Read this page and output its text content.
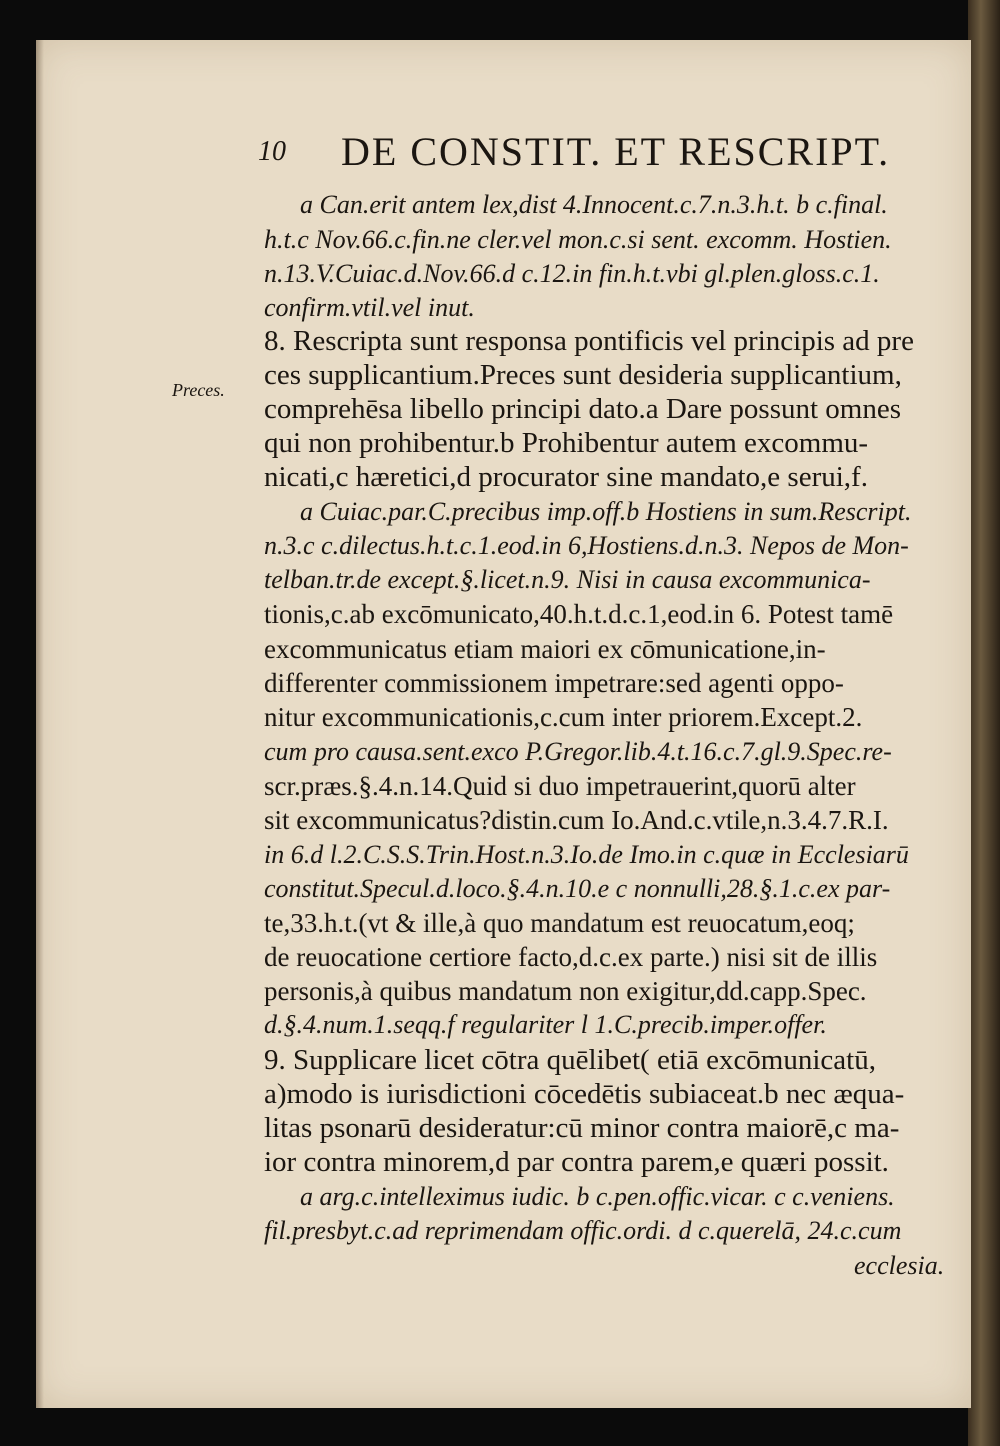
10 DE CONSTIT. ET RESCRIPT.
Preces.
a Can.erit antem lex,dist 4.Innocent.c.7.n.3.h.t. b c.final.
h.t.c Nov.66.c.fin.ne cler.vel mon.c.si sent. excomm. Hostien.
n.13.V.Cuiac.d.Nov.66.d c.12.in fin.h.t.vbi gl.plen.gloss.c.1.
confirm.vtil.vel inut.
8. Rescripta sunt responsa pontificis vel principis ad pre
ces supplicantium.Preces sunt desideria supplicantium,
comprehēsa libello principi dato.a Dare possunt omnes
qui non prohibentur.b Prohibentur autem excommu-
nicati,c hæretici,d procurator sine mandato,e serui,f.
a Cuiac.par.C.precibus imp.off.b Hostiens in sum.Rescript.
n.3.c c.dilectus.h.t.c.1.eod.in 6,Hostiens.d.n.3. Nepos de Mon-
telban.tr.de except.§.licet.n.9. Nisi in causa excommunica-
tionis,c.ab excōmunicato,40.h.t.d.c.1,eod.in 6. Potest tamē
excommunicatus etiam maiori ex cōmunicatione,in-
differenter commissionem impetrare:sed agenti oppo-
nitur excommunicationis,c.cum inter priorem.Except.2.
cum pro causa.sent.exco P.Gregor.lib.4.t.16.c.7.gl.9.Spec.re-
scr.præs.§.4.n.14.Quid si duo impetrauerint,quorū alter
sit excommunicatus?distin.cum Io.And.c.vtile,n.3.4.7.R.I.
in 6.d l.2.C.S.S.Trin.Host.n.3.Io.de Imo.in c.quæ in Ecclesiarū
constitut.Specul.d.loco.§.4.n.10.e c nonnulli,28.§.1.c.ex par-
te,33.h.t.(vt & ille,à quo mandatum est reuocatum,eoq;
de reuocatione certiore facto,d.c.ex parte.) nisi sit de illis
personis,à quibus mandatum non exigitur,dd.capp.Spec.
d.§.4.num.1.seqq.f regulariter l 1.C.precib.imper.offer.
9. Supplicare licet cōtra quēlibet( etiā excōmunicatū,
a)modo is iurisdictioni cōcedētis subiaceat.b nec æqua-
litas psonarū desideratur:cū minor contra maiorē,c ma-
ior contra minorem,d par contra parem,e quæri possit.
a arg.c.intelleximus iudic. b c.pen.offic.vicar. c c.veniens.
fil.presbyt.c.ad reprimendam offic.ordi. d c.querelā, 24.c.cum
ecclesia.
